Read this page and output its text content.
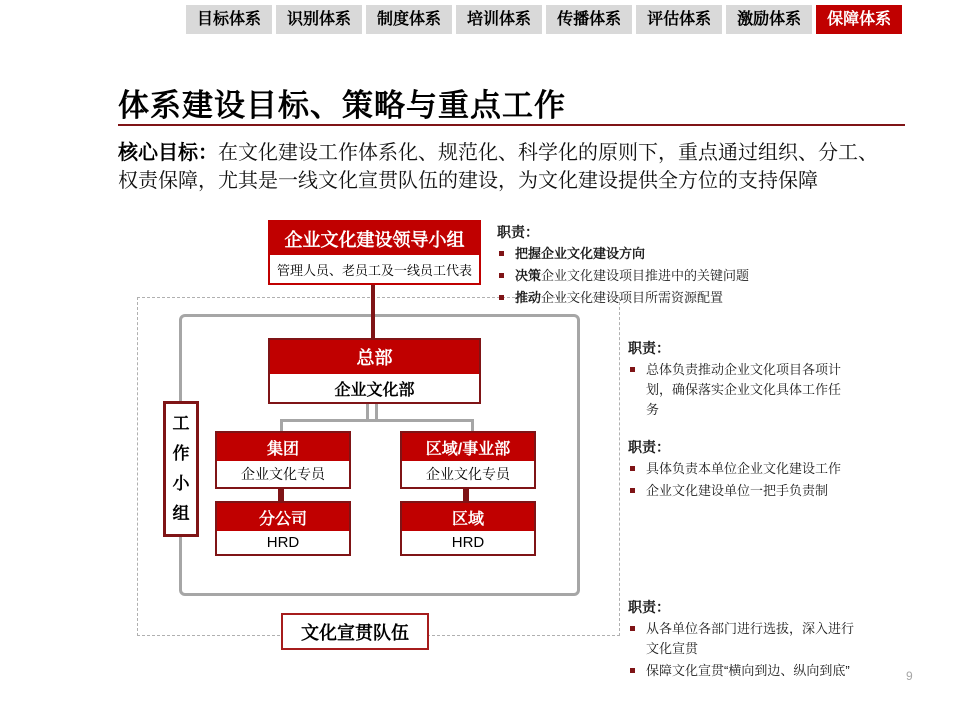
目标体系	识别体系	制度体系	培训体系	传播体系	评估体系	激励体系	保障体系
体系建设目标、策略与重点工作
核心目标：在文化建设工作体系化、规范化、科学化的原则下，重点通过组织、分工、权责保障，尤其是一线文化宣贯队伍的建设，为文化建设提供全方位的支持保障
企业文化建设领导小组
管理人员、老员工及一线员工代表
总部
企业文化部
集团
企业文化专员
区域/事业部
企业文化专员
分公司
HRD
区域
HRD
工作小组
文化宣贯队伍
职责：
把握企业文化建设方向
决策企业文化建设项目推进中的关键问题
推动企业文化建设项目所需资源配置
职责：
总体负责推动企业文化项目各项计划，确保落实企业文化具体工作任务
职责：
具体负责本单位企业文化建设工作
企业文化建设单位一把手负责制
职责：
从各单位各部门进行选拔，深入进行文化宣贯
保障文化宣贯“横向到边、纵向到底”	9
